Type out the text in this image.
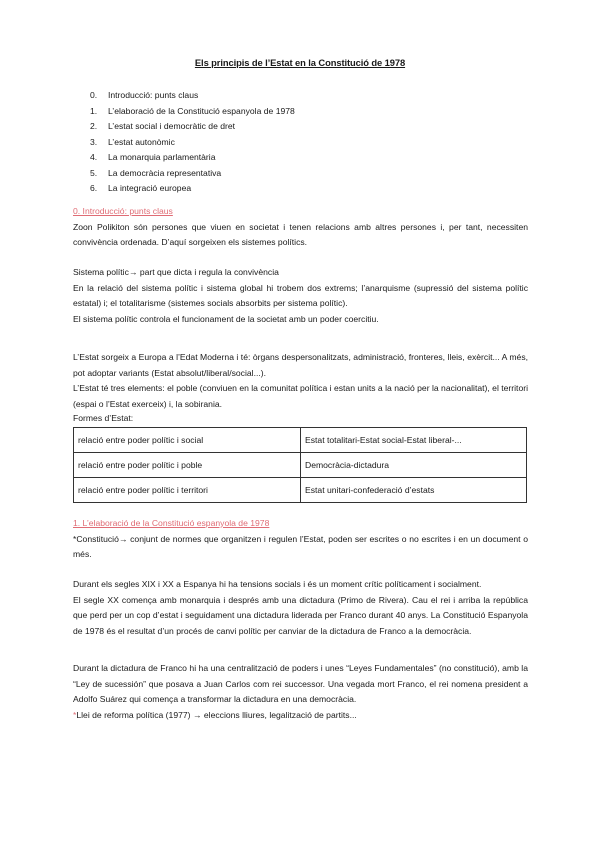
Els principis de l’Estat en la Constitució de 1978
0. Introducció: punts claus
1. L’elaboració de la Constitució espanyola de 1978
2. L’estat social i democràtic de dret
3. L’estat autonòmic
4. La monarquia parlamentària
5. La democràcia representativa
6. La integració europea

0. Introducció: punts claus

Zoon Polikiton són persones que viuen en societat i tenen relacions amb altres persones i, per tant, necessiten convivència ordenada. D’aquí sorgeixen els sistemes polítics.

Sistema polític→ part que dicta i regula la convivència

En la relació del sistema polític i sistema global hi trobem dos extrems; l’anarquisme (supressió del sistema polític estatal) i; el totalitarisme (sistemes socials absorbits per sistema polític).

El sistema polític controla el funcionament de la societat amb un poder coercitiu.

L’Estat sorgeix a Europa a l’Edat Moderna i té: òrgans despersonalitzats, administració, fronteres, lleis, exèrcit... A més, pot adoptar variants (Estat absolut/liberal/social...).

L’Estat té tres elements: el poble (conviuen en la comunitat política i estan units a la nació per la nacionalitat), el territori (espai o l’Estat exerceix) i, la sobirania.

Formes d’Estat:

relació entre poder polític i social	Estat totalitari-Estat social-Estat liberal-...
relació entre poder polític i poble	Democràcia-dictadura
relació entre poder polític i territori	Estat unitari-confederació d’estats

1. L’elaboració de la Constitució espanyola de 1978

*Constitució→ conjunt de normes que organitzen i regulen l’Estat, poden ser escrites o no escrites i en un document o més.

Durant els segles XIX i XX a Espanya hi ha tensions socials i és un moment crític políticament i socialment.

El segle XX comença amb monarquia i després amb una dictadura (Primo de Rivera). Cau el rei i arriba la república que perd per un cop d’estat i seguidament una dictadura liderada per Franco durant 40 anys. La Constitució Espanyola de 1978 és el resultat d’un procés de canvi polític per canviar de la dictadura de Franco a la democràcia.

Durant la dictadura de Franco hi ha una centralització de poders i unes “Leyes Fundamentales” (no constitució), amb la “Ley de sucessión” que posava a Juan Carlos com rei successor. Una vegada mort Franco, el rei nomena president a Adolfo Suárez qui comença a transformar la dictadura en una democràcia.

*Llei de reforma política (1977) → eleccions lliures, legalització de partits...
